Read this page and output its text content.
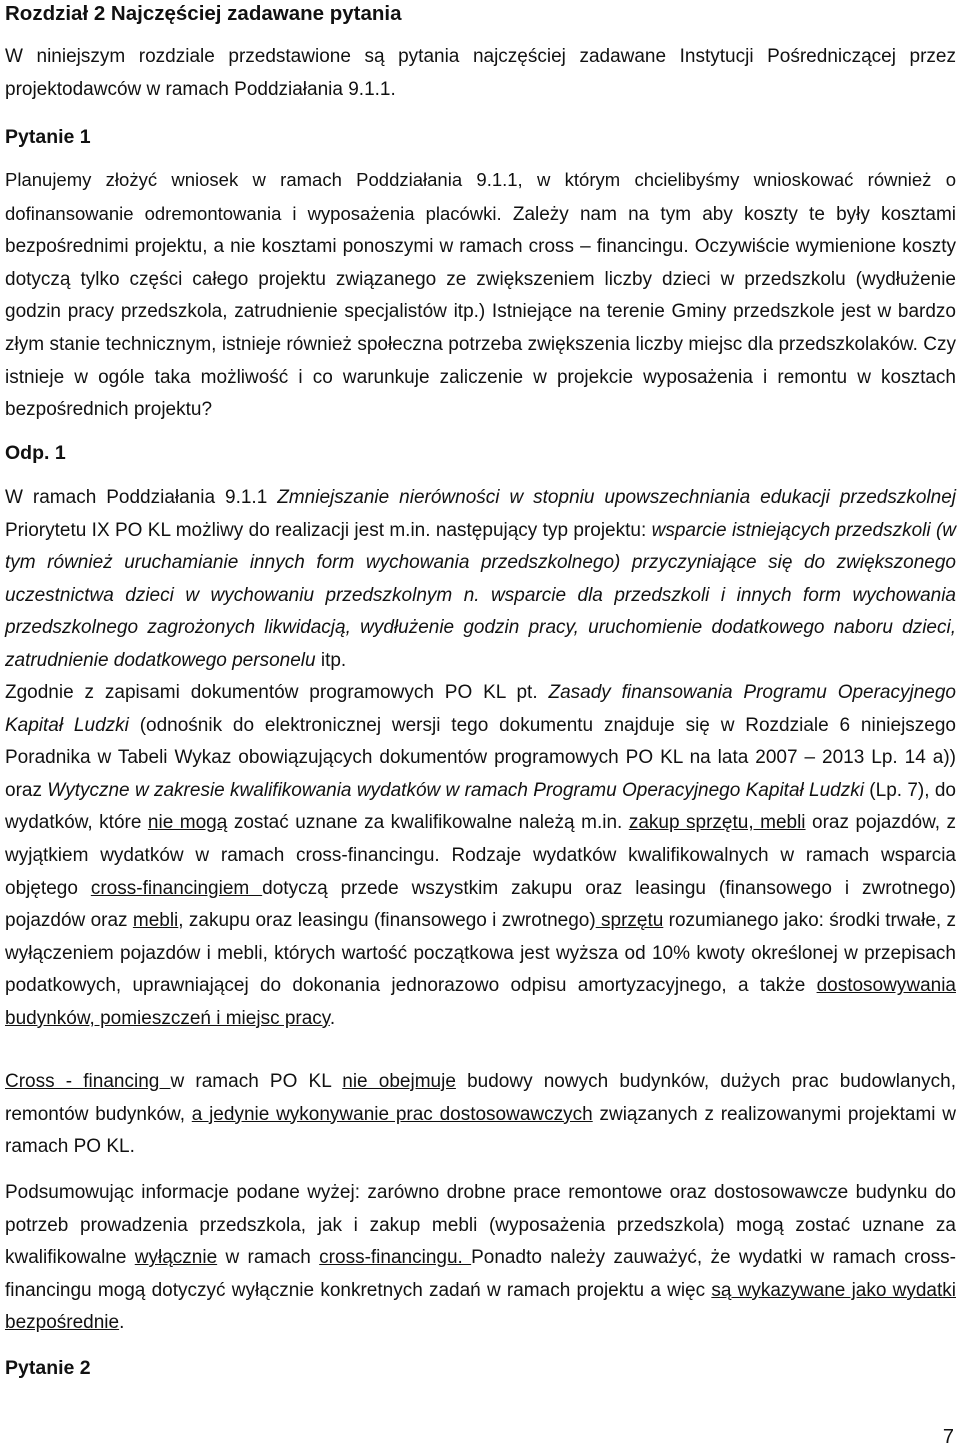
Rozdział 2 Najczęściej zadawane pytania

W niniejszym rozdziale przedstawione są pytania najczęściej zadawane Instytucji Pośredniczącej przez projektodawców w ramach Poddziałania 9.1.1.

Pytanie 1

Planujemy złożyć wniosek w ramach Poddziałania 9.1.1, w którym chcielibyśmy wnioskować również o dofinansowanie odremontowania i wyposażenia placówki. Zależy nam na tym aby koszty te były kosztami bezpośrednimi projektu, a nie kosztami ponoszymi w ramach cross – financingu. Oczywiście wymienione koszty dotyczą tylko części całego projektu związanego ze zwiększeniem liczby dzieci w przedszkolu (wydłużenie godzin pracy przedszkola, zatrudnienie specjalistów itp.) Istniejące na terenie Gminy przedszkole jest w bardzo złym stanie technicznym, istnieje również społeczna potrzeba zwiększenia liczby miejsc dla przedszkolaków. Czy istnieje w ogóle taka możliwość i co warunkuje zaliczenie w projekcie wyposażenia i remontu w kosztach bezpośrednich projektu?

Odp. 1

W ramach Poddziałania 9.1.1 Zmniejszanie nierówności w stopniu upowszechniania edukacji przedszkolnej Priorytetu IX PO KL możliwy do realizacji jest m.in. następujący typ projektu: wsparcie istniejących przedszkoli (w tym również uruchamianie innych form wychowania przedszkolnego) przyczyniające się do zwiększonego uczestnictwa dzieci w wychowaniu przedszkolnym n. wsparcie dla przedszkoli i innych form wychowania przedszkolnego zagrożonych likwidacją, wydłużenie godzin pracy, uruchomienie dodatkowego naboru dzieci, zatrudnienie dodatkowego personelu itp.

Zgodnie z zapisami dokumentów programowych PO KL pt. Zasady finansowania Programu Operacyjnego Kapitał Ludzki (odnośnik do elektronicznej wersji tego dokumentu znajduje się w Rozdziale 6 niniejszego Poradnika w Tabeli Wykaz obowiązujących dokumentów programowych PO KL na lata 2007 – 2013 Lp. 14 a)) oraz Wytyczne w zakresie kwalifikowania wydatków w ramach Programu Operacyjnego Kapitał Ludzki (Lp. 7), do wydatków, które nie mogą zostać uznane za kwalifikowalne należą m.in. zakup sprzętu, mebli oraz pojazdów, z wyjątkiem wydatków w ramach cross-financingu. Rodzaje wydatków kwalifikowalnych w ramach wsparcia objętego cross-financingiem dotyczą przede wszystkim zakupu oraz leasingu (finansowego i zwrotnego) pojazdów oraz mebli, zakupu oraz leasingu (finansowego i zwrotnego) sprzętu rozumianego jako: środki trwałe, z wyłączeniem pojazdów i mebli, których wartość początkowa jest wyższa od 10% kwoty określonej w przepisach podatkowych, uprawniającej do dokonania jednorazowo odpisu amortyzacyjnego, a także dostosowywania budynków, pomieszczeń i miejsc pracy.

Cross - financing w ramach PO KL nie obejmuje budowy nowych budynków, dużych prac budowlanych, remontów budynków, a jedynie wykonywanie prac dostosowawczych związanych z realizowanymi projektami w ramach PO KL.

Podsumowując informacje podane wyżej: zarówno drobne prace remontowe oraz dostosowawcze budynku do potrzeb prowadzenia przedszkola, jak i zakup mebli (wyposażenia przedszkola) mogą zostać uznane za kwalifikowalne wyłącznie w ramach cross-financingu. Ponadto należy zauważyć, że wydatki w ramach cross-financingu mogą dotyczyć wyłącznie konkretnych zadań w ramach projektu a więc są wykazywane jako wydatki bezpośrednie.

Pytanie 2

7
